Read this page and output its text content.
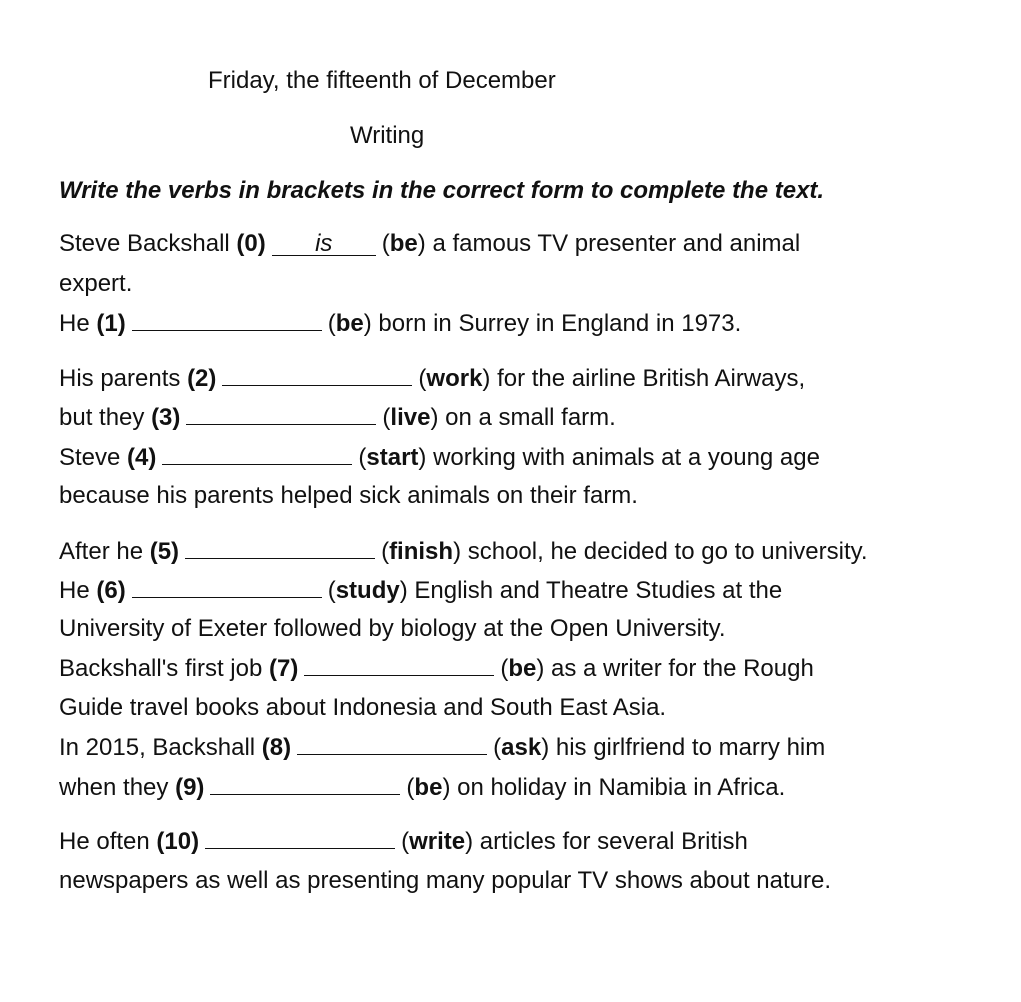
Friday, the fifteenth of December
Writing
Write the verbs in brackets in the correct form to complete the text.
Steve Backshall (0) is (be) a famous TV presenter and animal
expert.
He (1)	(be) born in Surrey in England in 1973.
His parents (2)	(work) for the airline British Airways,
but they (3)	(live) on a small farm.
Steve (4)	(start) working with animals at a young age
because his parents helped sick animals on their farm.
After he (5)	(finish) school, he decided to go to university.
He (6)	(study) English and Theatre Studies at the
University of Exeter followed by biology at the Open University.
Backshall's first job (7)	(be) as a writer for the Rough
Guide travel books about Indonesia and South East Asia.
In 2015, Backshall (8)	(ask) his girlfriend to marry him
when they (9)	(be) on holiday in Namibia in Africa.
He often (10)	(write) articles for several British
newspapers as well as presenting many popular TV shows about nature.
